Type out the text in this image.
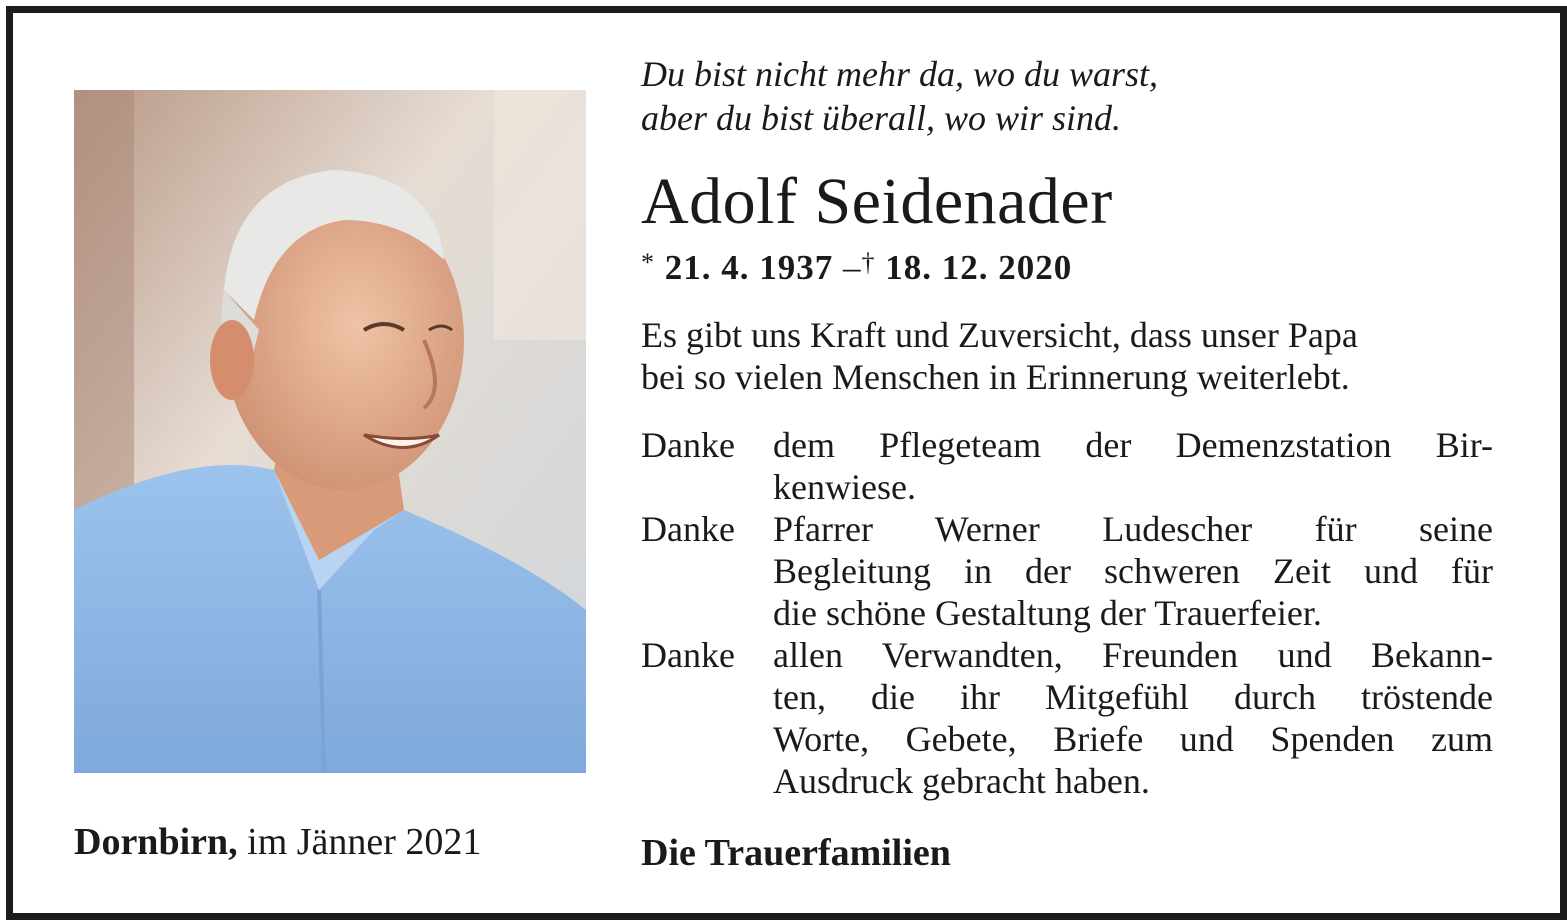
Du bist nicht mehr da, wo du warst,
aber du bist überall, wo wir sind.
Adolf Seidenader
* 21. 4. 1937 –† 18. 12. 2020
Es gibt uns Kraft und Zuversicht, dass unser Papa
bei so vielen Menschen in Erinnerung weiterlebt.
Danke	dem Pflegeteam der Demenzstation Bir-
kenwiese.
Danke	Pfarrer Werner Ludescher für seine
Begleitung in der schweren Zeit und für
die schöne Gestaltung der Trauerfeier.
Danke	allen Verwandten, Freunden und Bekann-
ten, die ihr Mitgefühl durch tröstende
Worte, Gebete, Briefe und Spenden zum
Ausdruck gebracht haben.
Dornbirn, im Jänner 2021	Die Trauerfamilien
